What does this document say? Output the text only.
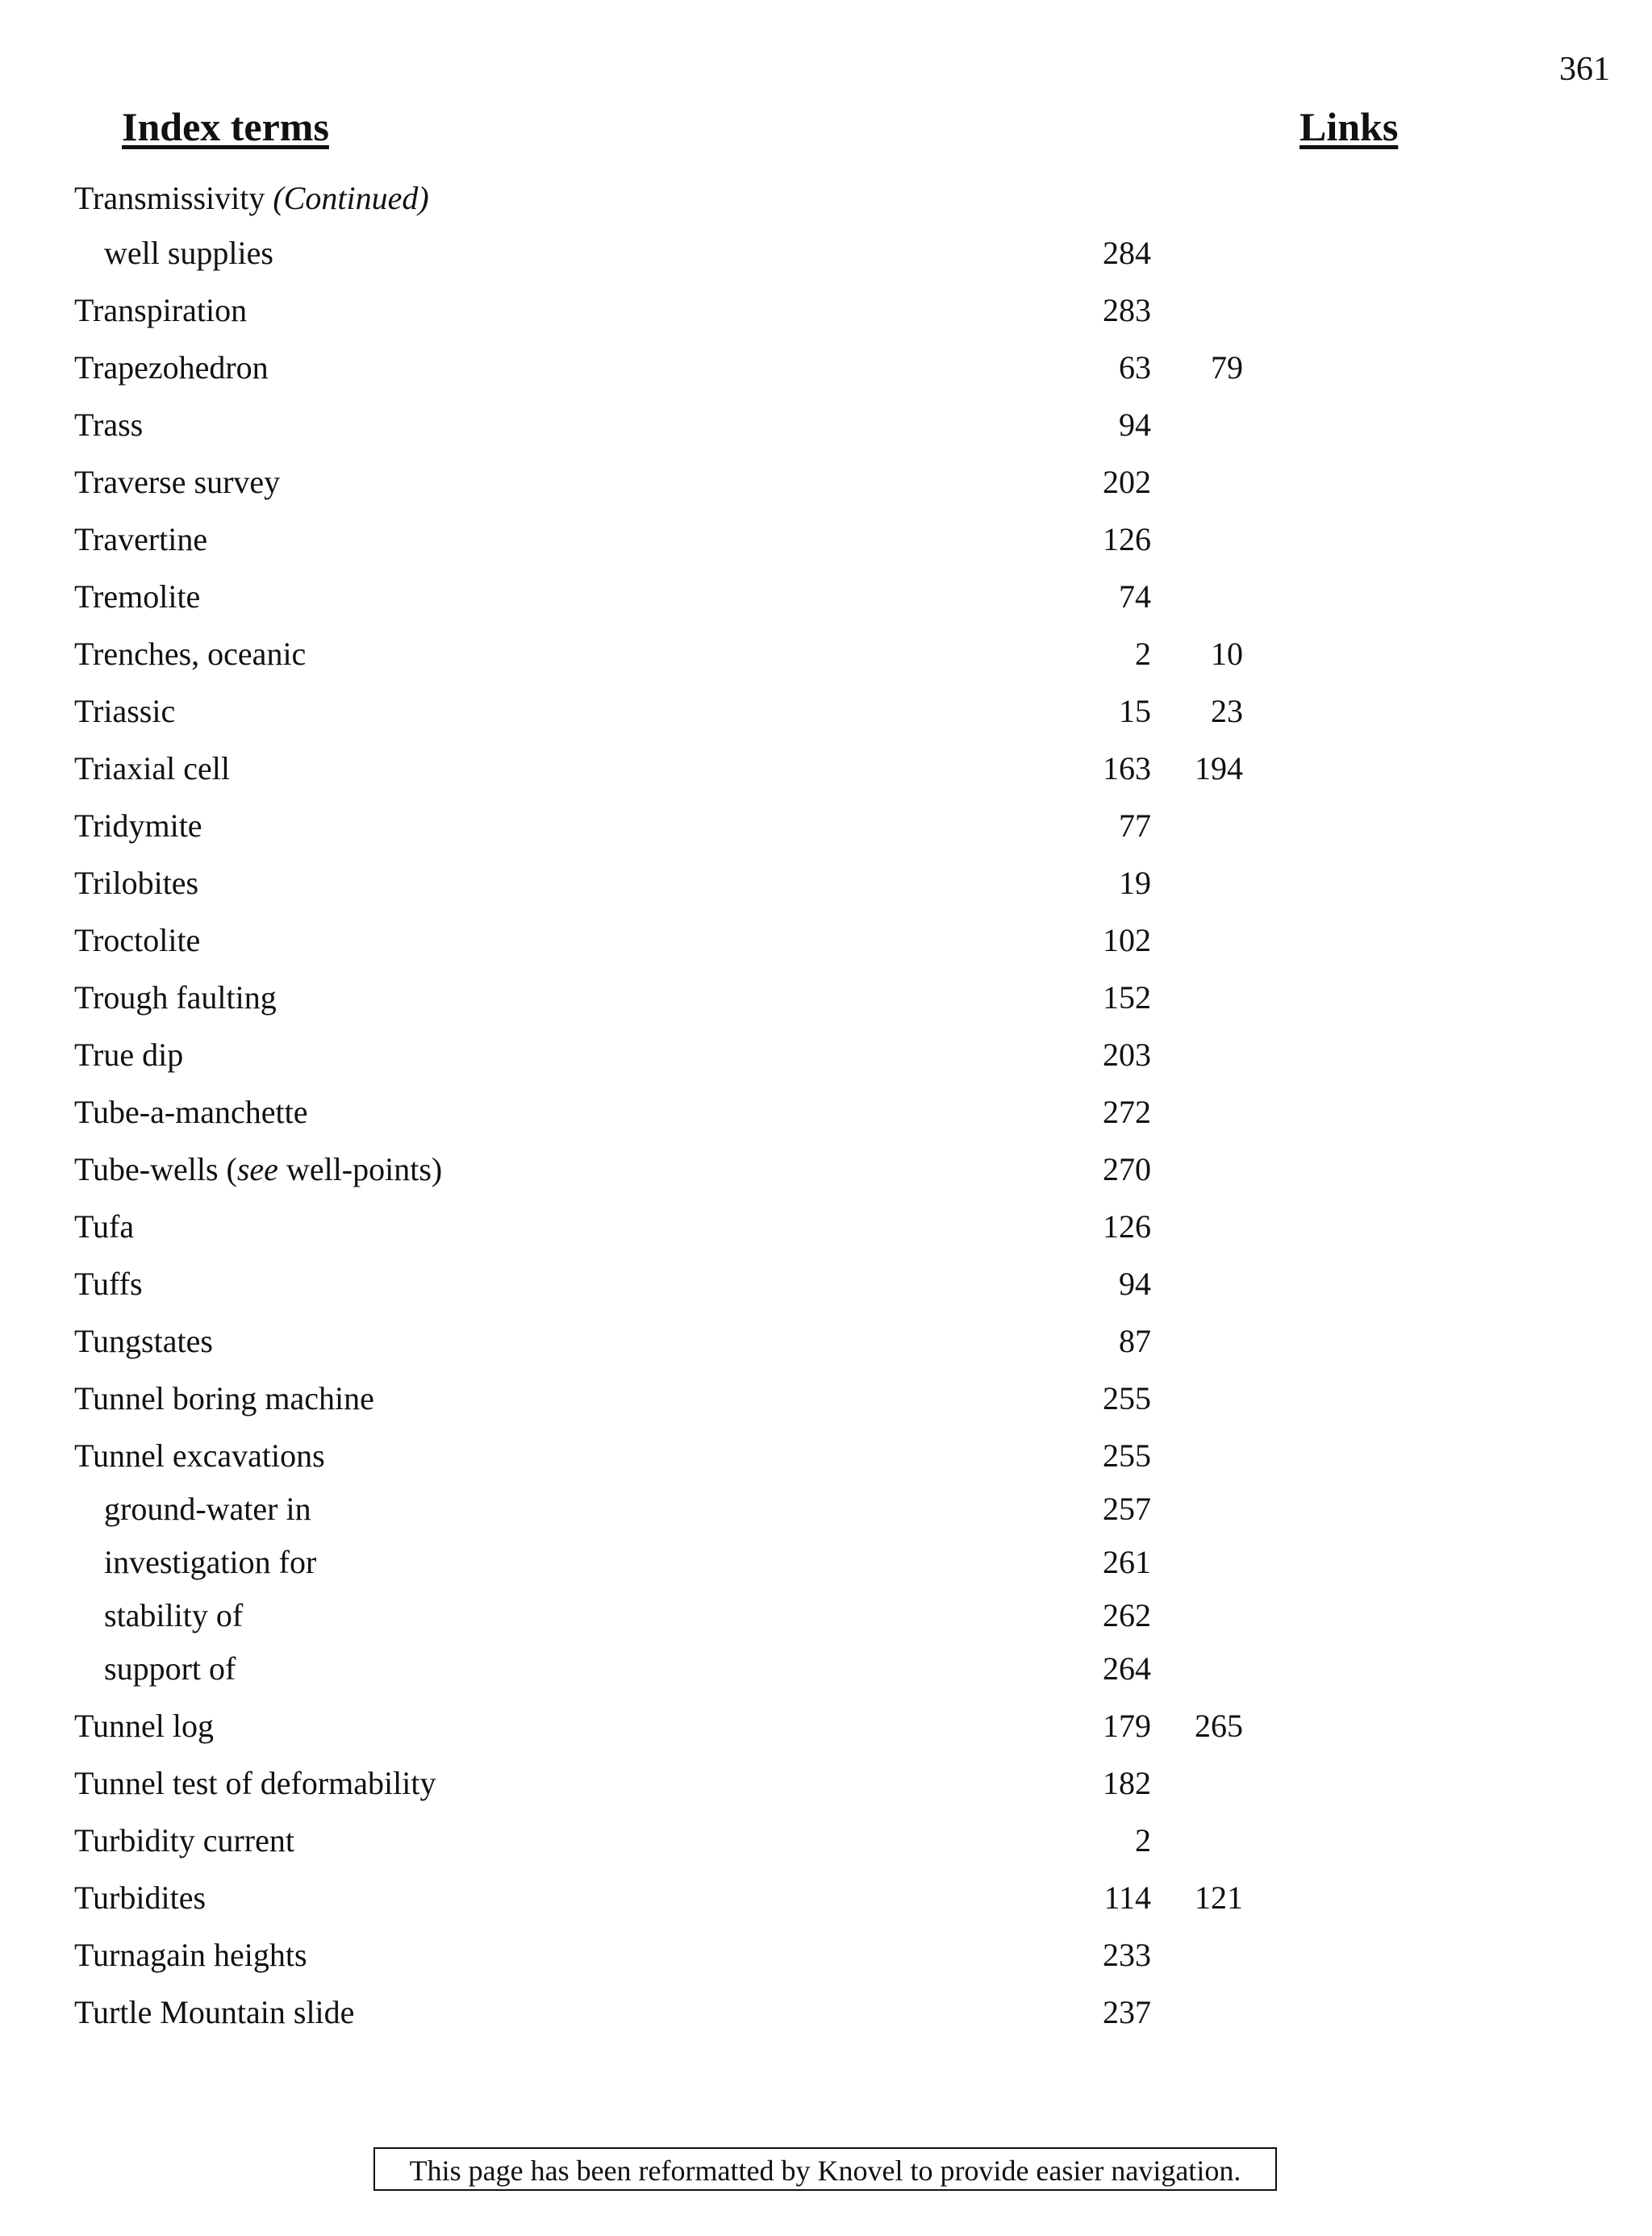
361
Index terms	Links
Transmissivity (Continued)
well supplies	284
Transpiration	283
Trapezohedron	63 79
Trass	94
Traverse survey	202
Travertine	126
Tremolite	74
Trenches, oceanic	2 10
Triassic	15 23
Triaxial cell	163 194
Tridymite	77
Trilobites	19
Troctolite	102
Trough faulting	152
True dip	203
Tube-a-manchette	272
Tube-wells (see well-points)	270
Tufa	126
Tuffs	94
Tungstates	87
Tunnel boring machine	255
Tunnel excavations	255
ground-water in	257
investigation for	261
stability of	262
support of	264
Tunnel log	179 265
Tunnel test of deformability	182
Turbidity current	2
Turbidites	114 121
Turnagain heights	233
Turtle Mountain slide	237
This page has been reformatted by Knovel to provide easier navigation.
